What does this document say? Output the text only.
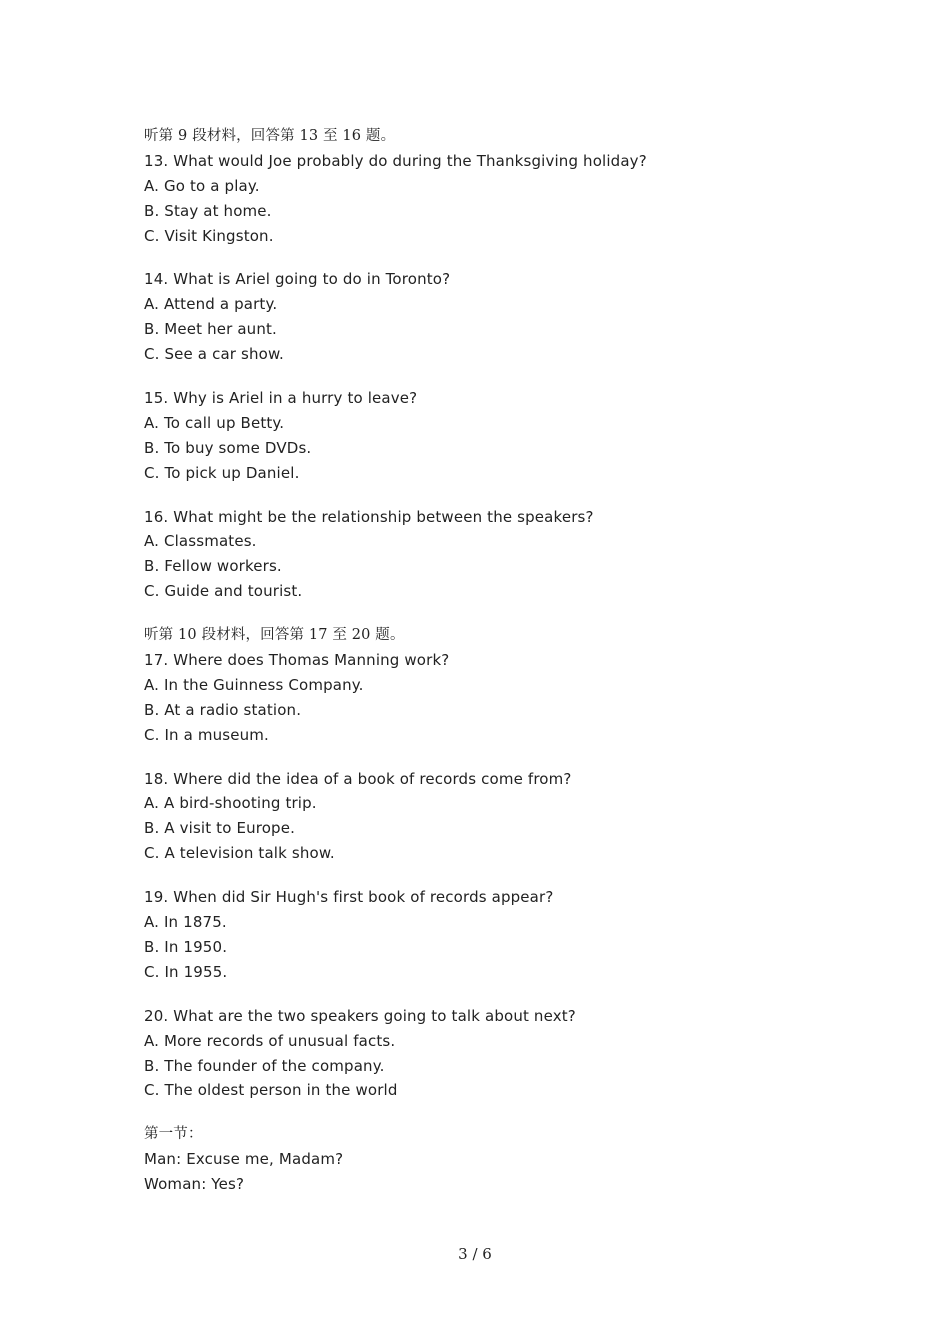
听第 9 段材料，回答第 13 至 16 题。
13. What would Joe probably do during the Thanksgiving holiday?
A. Go to a play.
B. Stay at home.
C. Visit Kingston.
14. What is Ariel going to do in Toronto?
A. Attend a party.
B. Meet her aunt.
C. See a car show.
15. Why is Ariel in a hurry to leave?
A. To call up Betty.
B. To buy some DVDs.
C. To pick up Daniel.
16. What might be the relationship between the speakers?
A. Classmates.
B. Fellow workers.
C. Guide and tourist.
听第 10 段材料，回答第 17 至 20 题。
17. Where does Thomas Manning work?
A. In the Guinness Company.
B. At a radio station.
C. In a museum.
18. Where did the idea of a book of records come from?
A. A bird-shooting trip.
B. A visit to Europe.
C. A television talk show.
19. When did Sir Hugh's first book of records appear?
A. In 1875.
B. In 1950.
C. In 1955.
20. What are the two speakers going to talk about next?
A. More records of unusual facts.
B. The founder of the company.
C. The oldest person in the world
第一节：
Man: Excuse me, Madam?
Woman: Yes?
3 / 6
